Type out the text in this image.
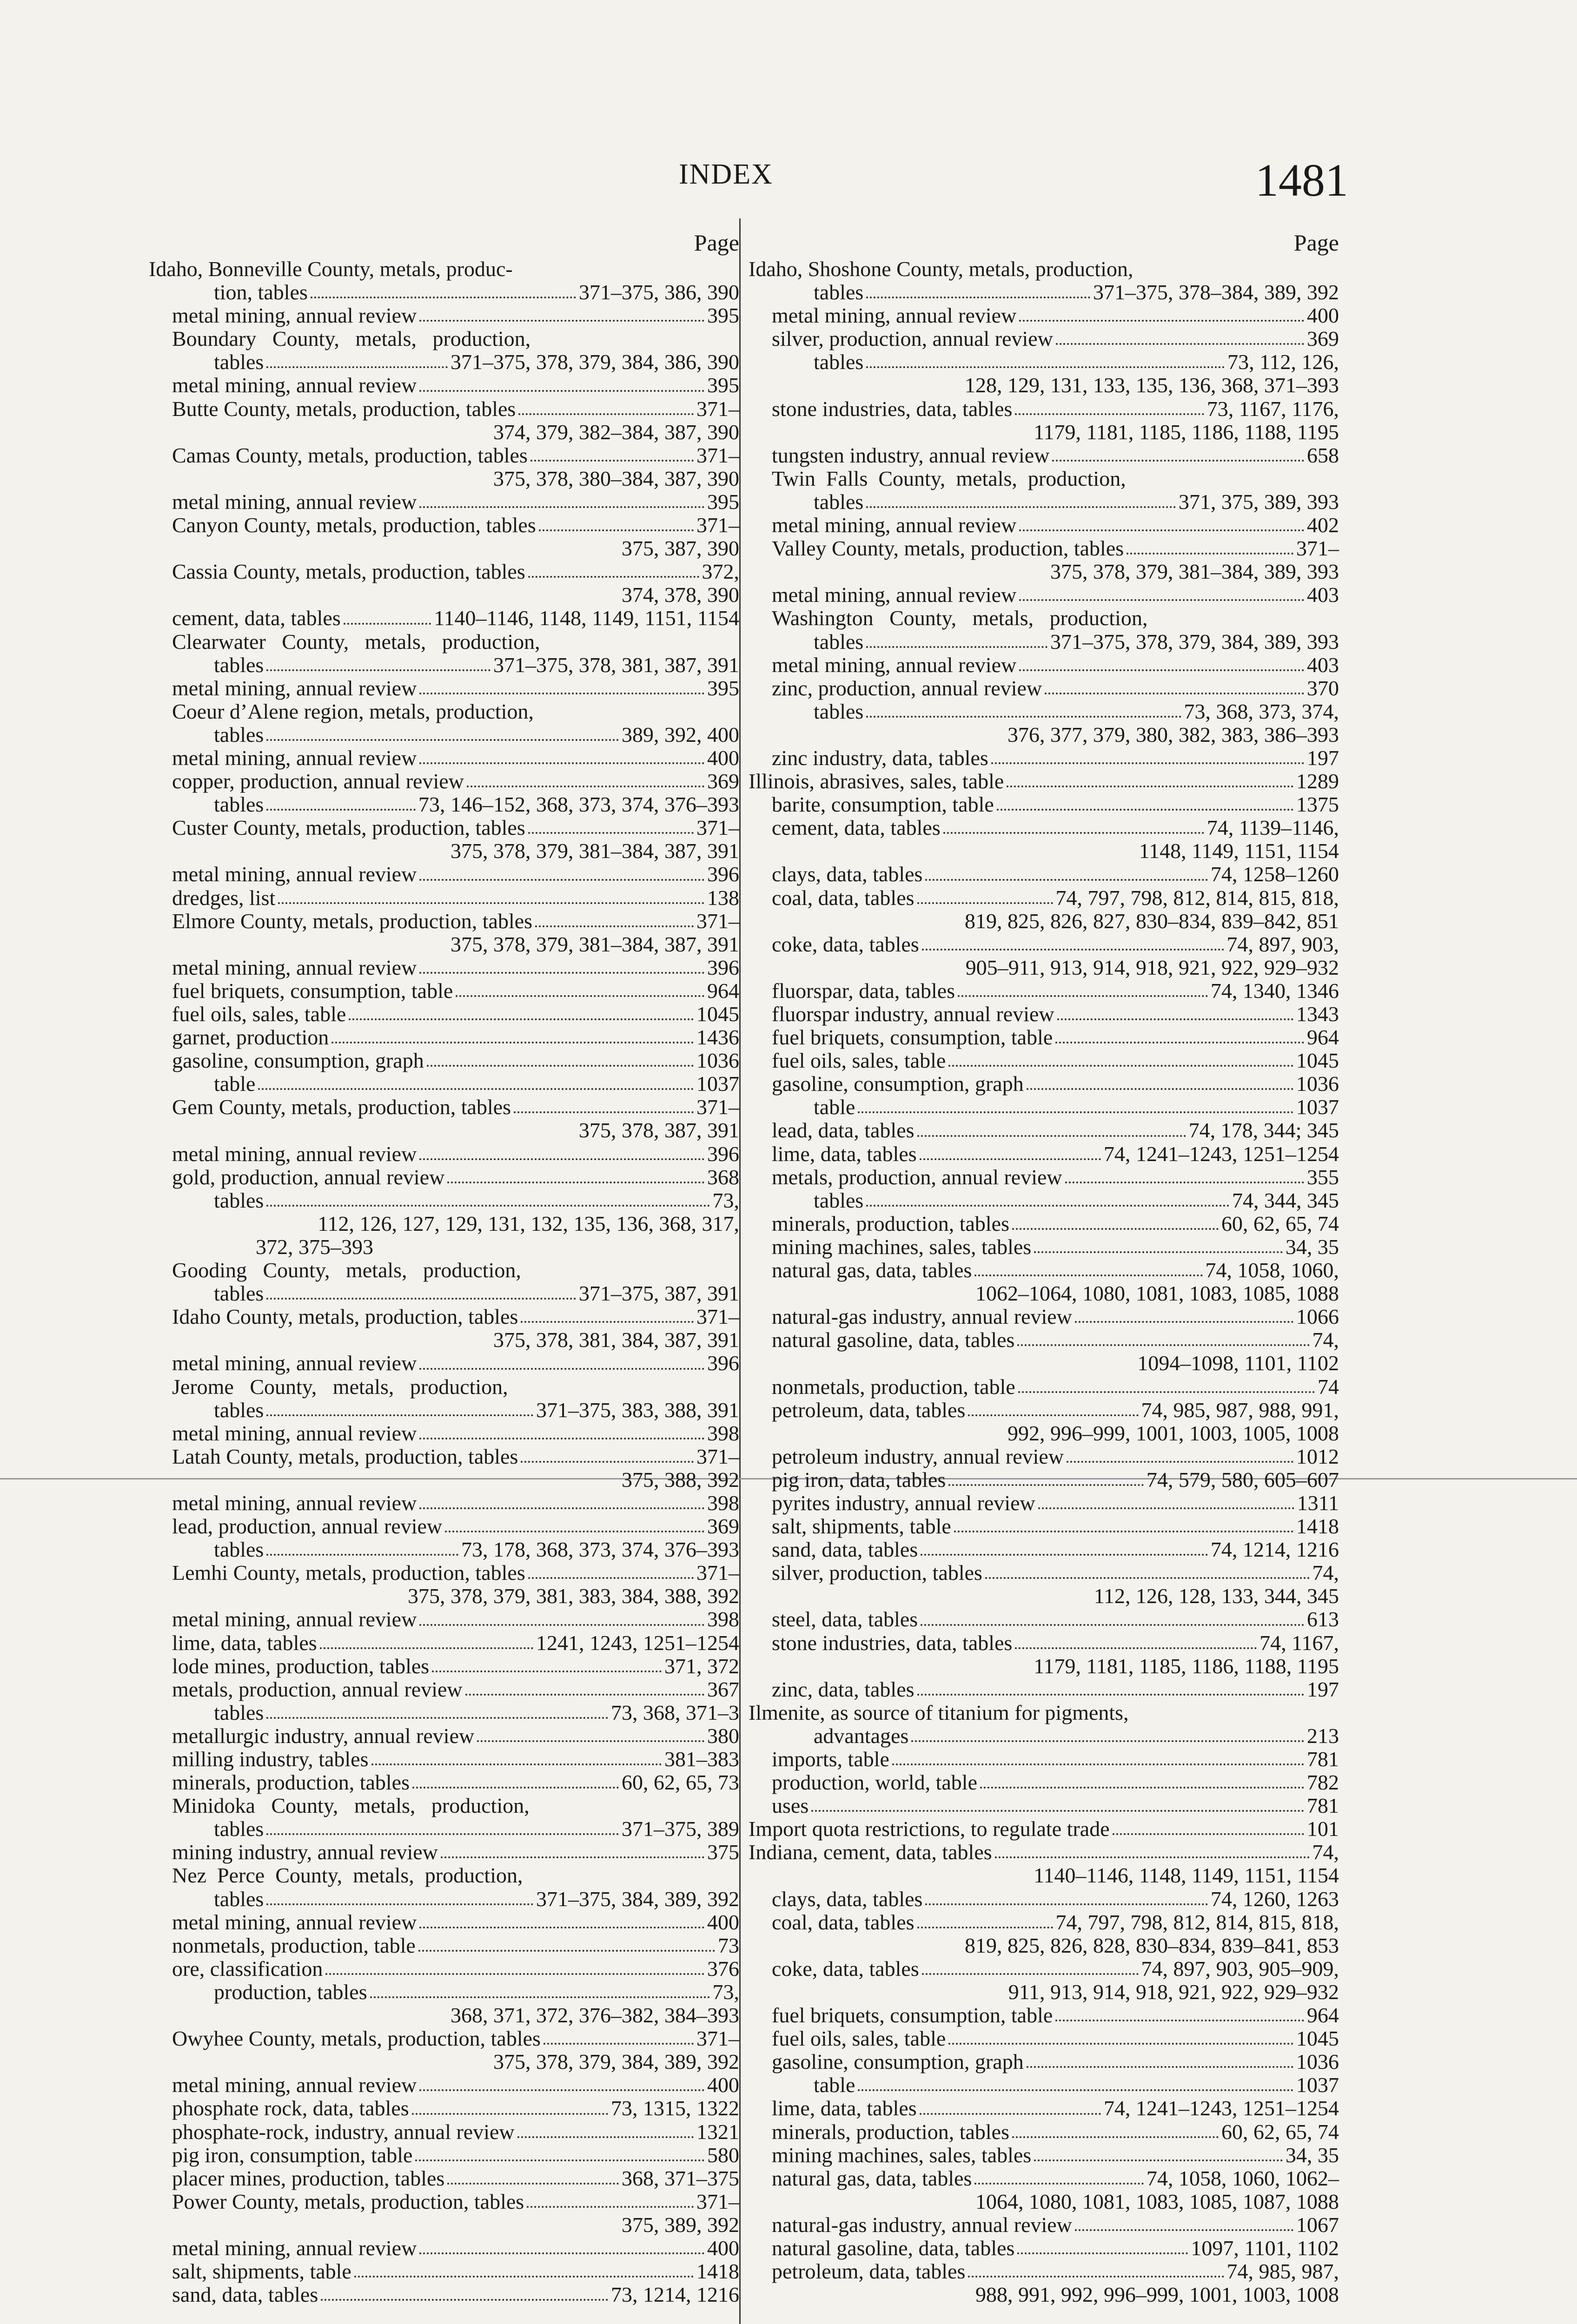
INDEX	1481
Page
Idaho, Bonneville County, metals, produc-
tion, tables	371–375, 386, 390
metal mining, annual review	395
Boundary   County,   metals,   production,
tables	371–375, 378, 379, 384, 386, 390
metal mining, annual review	395
Butte County, metals, production, tables	371–
374, 379, 382–384, 387, 390
Camas County, metals, production, tables	371–
375, 378, 380–384, 387, 390
metal mining, annual review	395
Canyon County, metals, production, tables	371–
375, 387, 390
Cassia County, metals, production, tables	372,
374, 378, 390
cement, data, tables	1140–1146, 1148, 1149, 1151, 1154
Clearwater   County,   metals,   production,
tables	371–375, 378, 381, 387, 391
metal mining, annual review	395
Coeur d’Alene region, metals, production,
tables	389, 392, 400
metal mining, annual review	400
copper, production, annual review	369
tables	73, 146–152, 368, 373, 374, 376–393
Custer County, metals, production, tables	371–
375, 378, 379, 381–384, 387, 391
metal mining, annual review	396
dredges, list	138
Elmore County, metals, production, tables	371–
375, 378, 379, 381–384, 387, 391
metal mining, annual review	396
fuel briquets, consumption, table	964
fuel oils, sales, table	1045
garnet, production	1436
gasoline, consumption, graph	1036
table	1037
Gem County, metals, production, tables	371–
375, 378, 387, 391
metal mining, annual review	396
gold, production, annual review	368
tables	73,
112, 126, 127, 129, 131, 132, 135, 136, 368, 317,
372, 375–393
Gooding   County,   metals,   production,
tables	371–375, 387, 391
Idaho County, metals, production, tables	371–
375, 378, 381, 384, 387, 391
metal mining, annual review	396
Jerome   County,   metals,   production,
tables	371–375, 383, 388, 391
metal mining, annual review	398
Latah County, metals, production, tables	371–
375, 388, 392
metal mining, annual review	398
lead, production, annual review	369
tables	73, 178, 368, 373, 374, 376–393
Lemhi County, metals, production, tables	371–
375, 378, 379, 381, 383, 384, 388, 392
metal mining, annual review	398
lime, data, tables	1241, 1243, 1251–1254
lode mines, production, tables	371, 372
metals, production, annual review	367
tables	73, 368, 371–3
metallurgic industry, annual review	380
milling industry, tables	381–383
minerals, production, tables	60, 62, 65, 73
Minidoka   County,   metals,   production,
tables	371–375, 389
mining industry, annual review	375
Nez  Perce  County,  metals,  production,
tables	371–375, 384, 389, 392
metal mining, annual review	400
nonmetals, production, table	73
ore, classification	376
production, tables	73,
368, 371, 372, 376–382, 384–393
Owyhee County, metals, production, tables	371–
375, 378, 379, 384, 389, 392
metal mining, annual review	400
phosphate rock, data, tables	73, 1315, 1322
phosphate-rock, industry, annual review	1321
pig iron, consumption, table	580
placer mines, production, tables	368, 371–375
Power County, metals, production, tables	371–
375, 389, 392
metal mining, annual review	400
salt, shipments, table	1418
sand, data, tables	73, 1214, 1216
Page
Idaho, Shoshone County, metals, production,
tables	371–375, 378–384, 389, 392
metal mining, annual review	400
silver, production, annual review	369
tables	73, 112, 126,
128, 129, 131, 133, 135, 136, 368, 371–393
stone industries, data, tables	73, 1167, 1176,
1179, 1181, 1185, 1186, 1188, 1195
tungsten industry, annual review	658
Twin  Falls  County,  metals,  production,
tables	371, 375, 389, 393
metal mining, annual review	402
Valley County, metals, production, tables	371–
375, 378, 379, 381–384, 389, 393
metal mining, annual review	403
Washington   County,   metals,   production,
tables	371–375, 378, 379, 384, 389, 393
metal mining, annual review	403
zinc, production, annual review	370
tables	73, 368, 373, 374,
376, 377, 379, 380, 382, 383, 386–393
zinc industry, data, tables	197
Illinois, abrasives, sales, table	1289
barite, consumption, table	1375
cement, data, tables	74, 1139–1146,
1148, 1149, 1151, 1154
clays, data, tables	74, 1258–1260
coal, data, tables	74, 797, 798, 812, 814, 815, 818,
819, 825, 826, 827, 830–834, 839–842, 851
coke, data, tables	74, 897, 903,
905–911, 913, 914, 918, 921, 922, 929–932
fluorspar, data, tables	74, 1340, 1346
fluorspar industry, annual review	1343
fuel briquets, consumption, table	964
fuel oils, sales, table	1045
gasoline, consumption, graph	1036
table	1037
lead, data, tables	74, 178, 344; 345
lime, data, tables	74, 1241–1243, 1251–1254
metals, production, annual review	355
tables	74, 344, 345
minerals, production, tables	60, 62, 65, 74
mining machines, sales, tables	34, 35
natural gas, data, tables	74, 1058, 1060,
1062–1064, 1080, 1081, 1083, 1085, 1088
natural-gas industry, annual review	1066
natural gasoline, data, tables	74,
1094–1098, 1101, 1102
nonmetals, production, table	74
petroleum, data, tables	74, 985, 987, 988, 991,
992, 996–999, 1001, 1003, 1005, 1008
petroleum industry, annual review	1012
pig iron, data, tables	74, 579, 580, 605–607
pyrites industry, annual review	1311
salt, shipments, table	1418
sand, data, tables	74, 1214, 1216
silver, production, tables	74,
112, 126, 128, 133, 344, 345
steel, data, tables	613
stone industries, data, tables	74, 1167,
1179, 1181, 1185, 1186, 1188, 1195
zinc, data, tables	197
Ilmenite, as source of titanium for pigments,
advantages	213
imports, table	781
production, world, table	782
uses	781
Import quota restrictions, to regulate trade	101
Indiana, cement, data, tables	74,
1140–1146, 1148, 1149, 1151, 1154
clays, data, tables	74, 1260, 1263
coal, data, tables	74, 797, 798, 812, 814, 815, 818,
819, 825, 826, 828, 830–834, 839–841, 853
coke, data, tables	74, 897, 903, 905–909,
911, 913, 914, 918, 921, 922, 929–932
fuel briquets, consumption, table	964
fuel oils, sales, table	1045
gasoline, consumption, graph	1036
table	1037
lime, data, tables	74, 1241–1243, 1251–1254
minerals, production, tables	60, 62, 65, 74
mining machines, sales, tables	34, 35
natural gas, data, tables	74, 1058, 1060, 1062–
1064, 1080, 1081, 1083, 1085, 1087, 1088
natural-gas industry, annual review	1067
natural gasoline, data, tables	1097, 1101, 1102
petroleum, data, tables	74, 985, 987,
988, 991, 992, 996–999, 1001, 1003, 1008
